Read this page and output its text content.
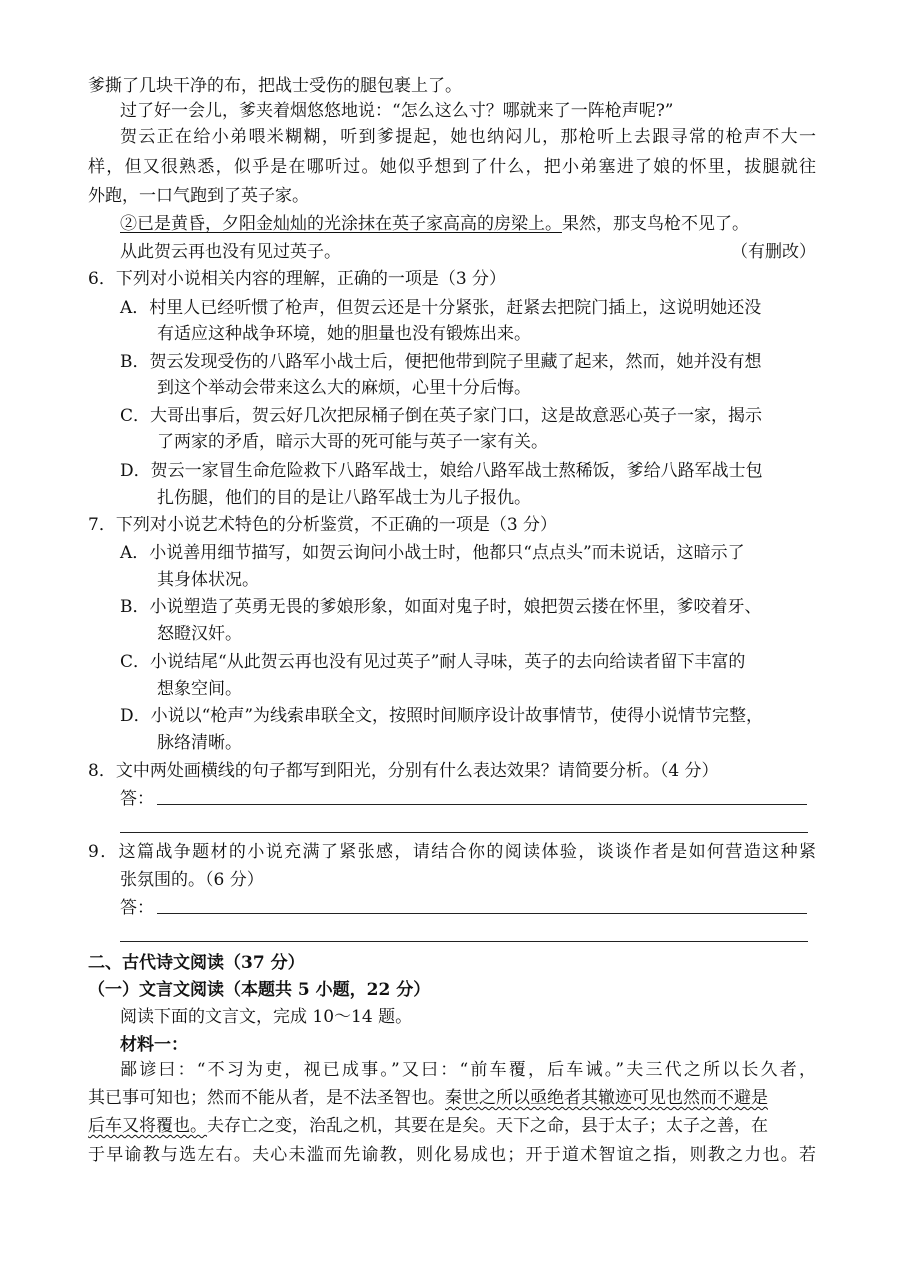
爹撕了几块干净的布，把战士受伤的腿包裹上了。
过了好一会儿，爹夹着烟悠悠地说：“怎么这么寸？哪就来了一阵枪声呢?”
贺云正在给小弟喂米糊糊，听到爹提起，她也纳闷儿，那枪听上去跟寻常的枪声不大一
样，但又很熟悉，似乎是在哪听过。她似乎想到了什么，把小弟塞进了娘的怀里，拔腿就往
外跑，一口气跑到了英子家。
②已是黄昏，夕阳金灿灿的光涂抹在英子家高高的房梁上。果然，那支鸟枪不见了。
从此贺云再也没有见过英子。	（有删改）
6．下列对小说相关内容的理解，正确的一项是（3 分）
A．村里人已经听惯了枪声，但贺云还是十分紧张，赶紧去把院门插上，这说明她还没
有适应这种战争环境，她的胆量也没有锻炼出来。
B．贺云发现受伤的八路军小战士后，便把他带到院子里藏了起来，然而，她并没有想
到这个举动会带来这么大的麻烦，心里十分后悔。
C．大哥出事后，贺云好几次把尿桶子倒在英子家门口，这是故意恶心英子一家，揭示
了两家的矛盾，暗示大哥的死可能与英子一家有关。
D．贺云一家冒生命危险救下八路军战士，娘给八路军战士熬稀饭，爹给八路军战士包
扎伤腿，他们的目的是让八路军战士为儿子报仇。
7．下列对小说艺术特色的分析鉴赏，不正确的一项是（3 分）
A．小说善用细节描写，如贺云询问小战士时，他都只“点点头”而未说话，这暗示了
其身体状况。
B．小说塑造了英勇无畏的爹娘形象，如面对鬼子时，娘把贺云搂在怀里，爹咬着牙、
怒瞪汉奸。
C．小说结尾“从此贺云再也没有见过英子”耐人寻味，英子的去向给读者留下丰富的
想象空间。
D．小说以“枪声”为线索串联全文，按照时间顺序设计故事情节，使得小说情节完整，
脉络清晰。
8．文中两处画横线的句子都写到阳光，分别有什么表达效果？请简要分析。（4 分）
答：
9．这篇战争题材的小说充满了紧张感，请结合你的阅读体验，谈谈作者是如何营造这种紧
张氛围的。（6 分）
答：
二、古代诗文阅读（37 分）
（一）文言文阅读（本题共 5 小题，22 分）
阅读下面的文言文，完成 10～14 题。
材料一：
鄙谚曰：“不习为吏，视已成事。”又曰：“前车覆，后车诫。”夫三代之所以长久者，
其已事可知也；然而不能从者，是不法圣智也。秦世之所以亟绝者其辙迹可见也然而不避是
后车又将覆也。夫存亡之变，治乱之机，其要在是矣。天下之命，县于太子；太子之善，在
于早谕教与选左右。夫心未滥而先谕教，则化易成也；开于道术智谊之指，则教之力也。若
